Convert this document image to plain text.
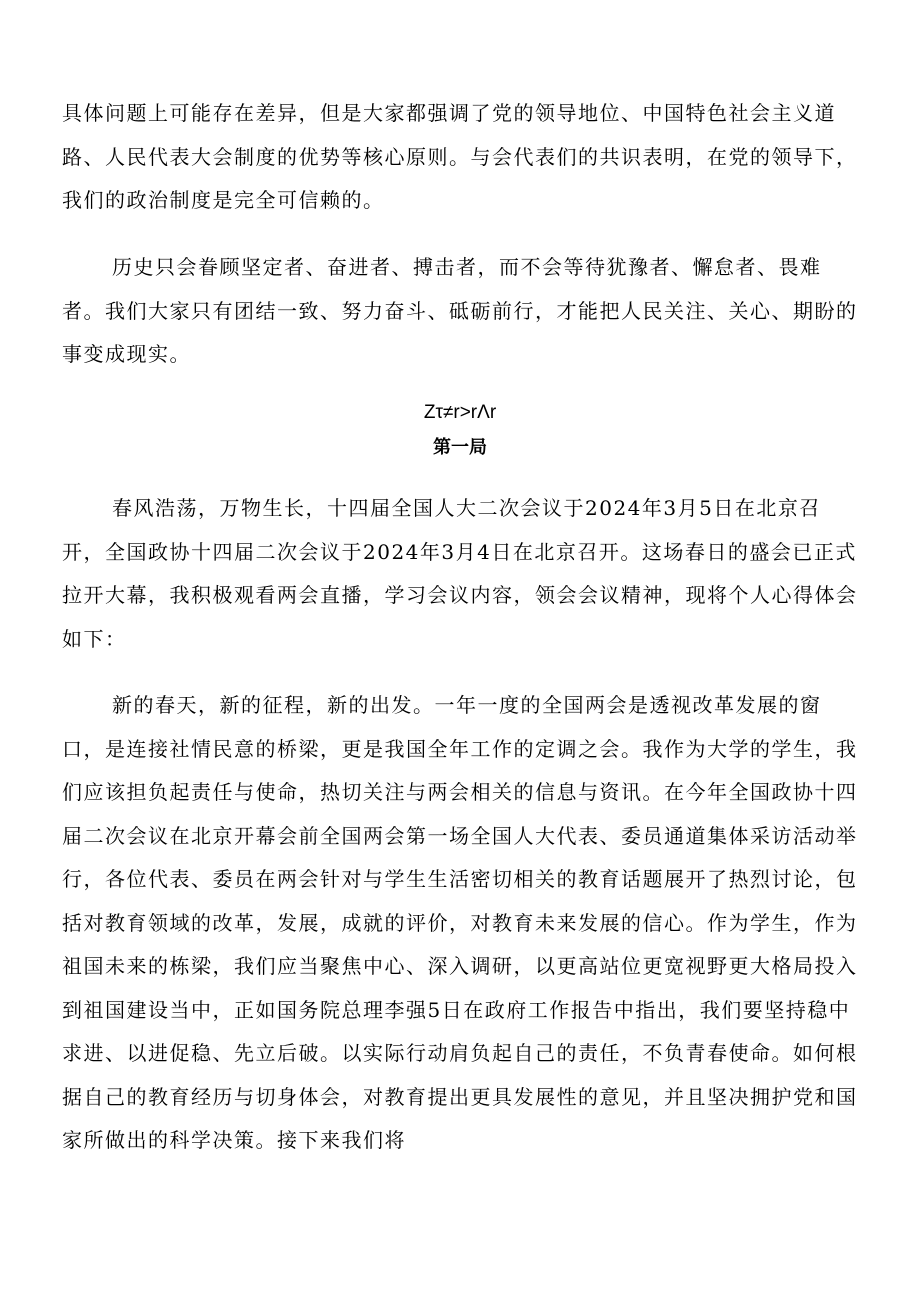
具体问题上可能存在差异，但是大家都强调了党的领导地位、中国特色社会主义道路、人民代表大会制度的优势等核心原则。与会代表们的共识表明，在党的领导下，我们的政治制度是完全可信赖的。

历史只会眷顾坚定者、奋进者、搏击者，而不会等待犹豫者、懈怠者、畏难者。我们大家只有团结一致、努力奋斗、砥砺前行，才能把人民关注、关心、期盼的事变成现实。

Zτ≠r>rΛr
第一局

春风浩荡，万物生长，十四届全国人大二次会议于2024年3月5日在北京召开，全国政协十四届二次会议于2024年3月4日在北京召开。这场春日的盛会已正式拉开大幕，我积极观看两会直播，学习会议内容，领会会议精神，现将个人心得体会如下：

新的春天，新的征程，新的出发。一年一度的全国两会是透视改革发展的窗口，是连接社情民意的桥梁，更是我国全年工作的定调之会。我作为大学的学生，我们应该担负起责任与使命，热切关注与两会相关的信息与资讯。在今年全国政协十四届二次会议在北京开幕会前全国两会第一场全国人大代表、委员通道集体采访活动举行，各位代表、委员在两会针对与学生生活密切相关的教育话题展开了热烈讨论，包括对教育领域的改革，发展，成就的评价，对教育未来发展的信心。作为学生，作为祖国未来的栋梁，我们应当聚焦中心、深入调研，以更高站位更宽视野更大格局投入到祖国建设当中，正如国务院总理李强5日在政府工作报告中指出，我们要坚持稳中求进、以进促稳、先立后破。以实际行动肩负起自己的责任，不负青春使命。如何根据自己的教育经历与切身体会，对教育提出更具发展性的意见，并且坚决拥护党和国家所做出的科学决策。接下来我们将
